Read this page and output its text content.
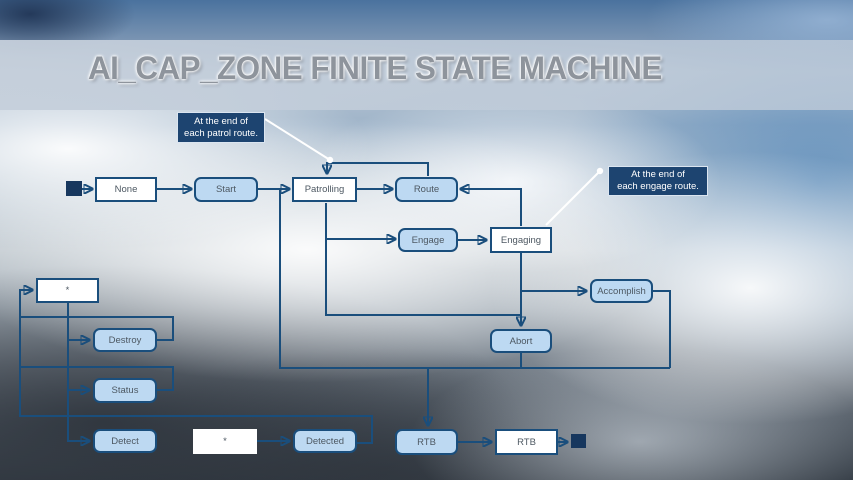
AI_CAP_ZONE FINITE STATE MACHINE
None	Start	Patrolling	Route
Engage	Engaging
Accomplish
Abort
*
Destroy
Status
Detect	*	Detected	RTB	RTB
At the end of
each patrol route.
At the end of
each engage route.
